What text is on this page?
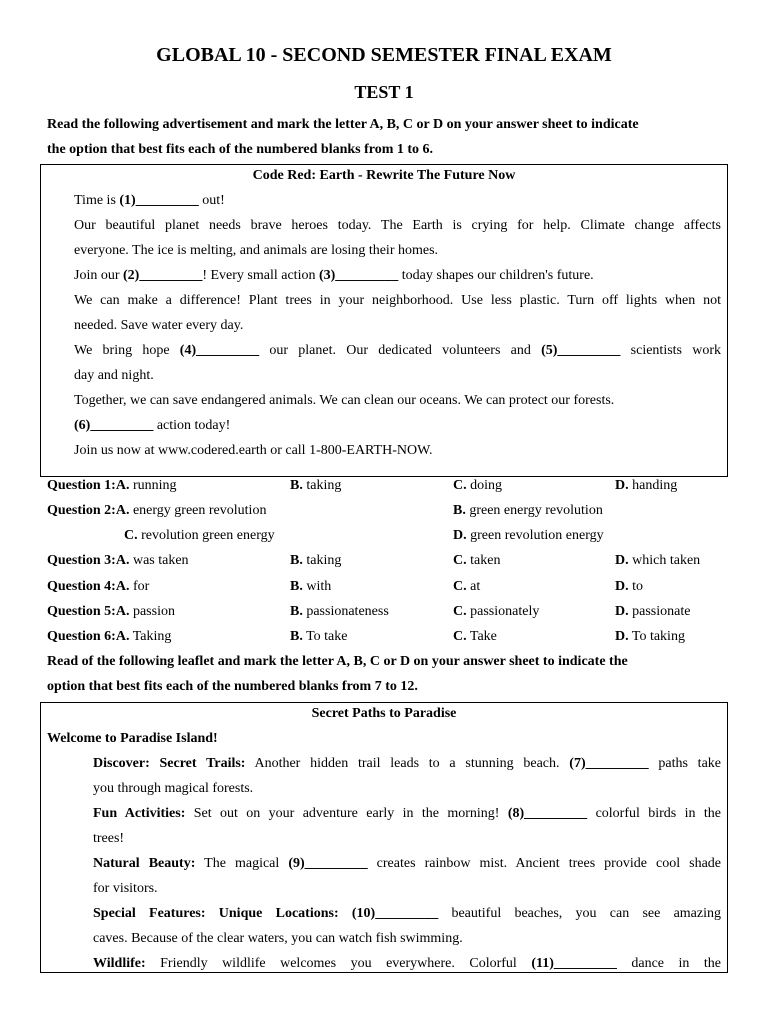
GLOBAL 10 - SECOND SEMESTER FINAL EXAM
TEST 1
Read the following advertisement and mark the letter A, B, C or D on your answer sheet to indicate
the option that best fits each of the numbered blanks from 1 to 6.
Code Red: Earth - Rewrite The Future Now
Time is (1)_________ out!
Our beautiful planet needs brave heroes today. The Earth is crying for help. Climate change affects
everyone. The ice is melting, and animals are losing their homes.
Join our (2)_________! Every small action (3)_________ today shapes our children's future.
We can make a difference! Plant trees in your neighborhood. Use less plastic. Turn off lights when not
needed. Save water every day.
We bring hope (4)_________ our planet. Our dedicated volunteers and (5)_________ scientists work
day and night.
Together, we can save endangered animals. We can clean our oceans. We can protect our forests.
(6)_________ action today!
Join us now at www.codered.earth or call 1-800-EARTH-NOW.
Question 1:A. running	B. taking	C. doing	D. handing
Question 2:A. energy green revolution	B. green energy revolution
C. revolution green energy	D. green revolution energy
Question 3:A. was taken	B. taking	C. taken	D. which taken
Question 4:A. for	B. with	C. at	D. to
Question 5:A. passion	B. passionateness	C. passionately	D. passionate
Question 6:A. Taking	B. To take	C. Take	D. To taking
Read of the following leaflet and mark the letter A, B, C or D on your answer sheet to indicate the
option that best fits each of the numbered blanks from 7 to 12.
Secret Paths to Paradise
Welcome to Paradise Island!
Discover: Secret Trails: Another hidden trail leads to a stunning beach. (7)_________ paths take
you through magical forests.
Fun Activities: Set out on your adventure early in the morning! (8)_________ colorful birds in the
trees!
Natural Beauty: The magical (9)_________ creates rainbow mist. Ancient trees provide cool shade
for visitors.
Special Features: Unique Locations: (10)_________ beautiful beaches, you can see amazing
caves. Because of the clear waters, you can watch fish swimming.
Wildlife: Friendly wildlife welcomes you everywhere. Colorful (11)_________ dance in the
